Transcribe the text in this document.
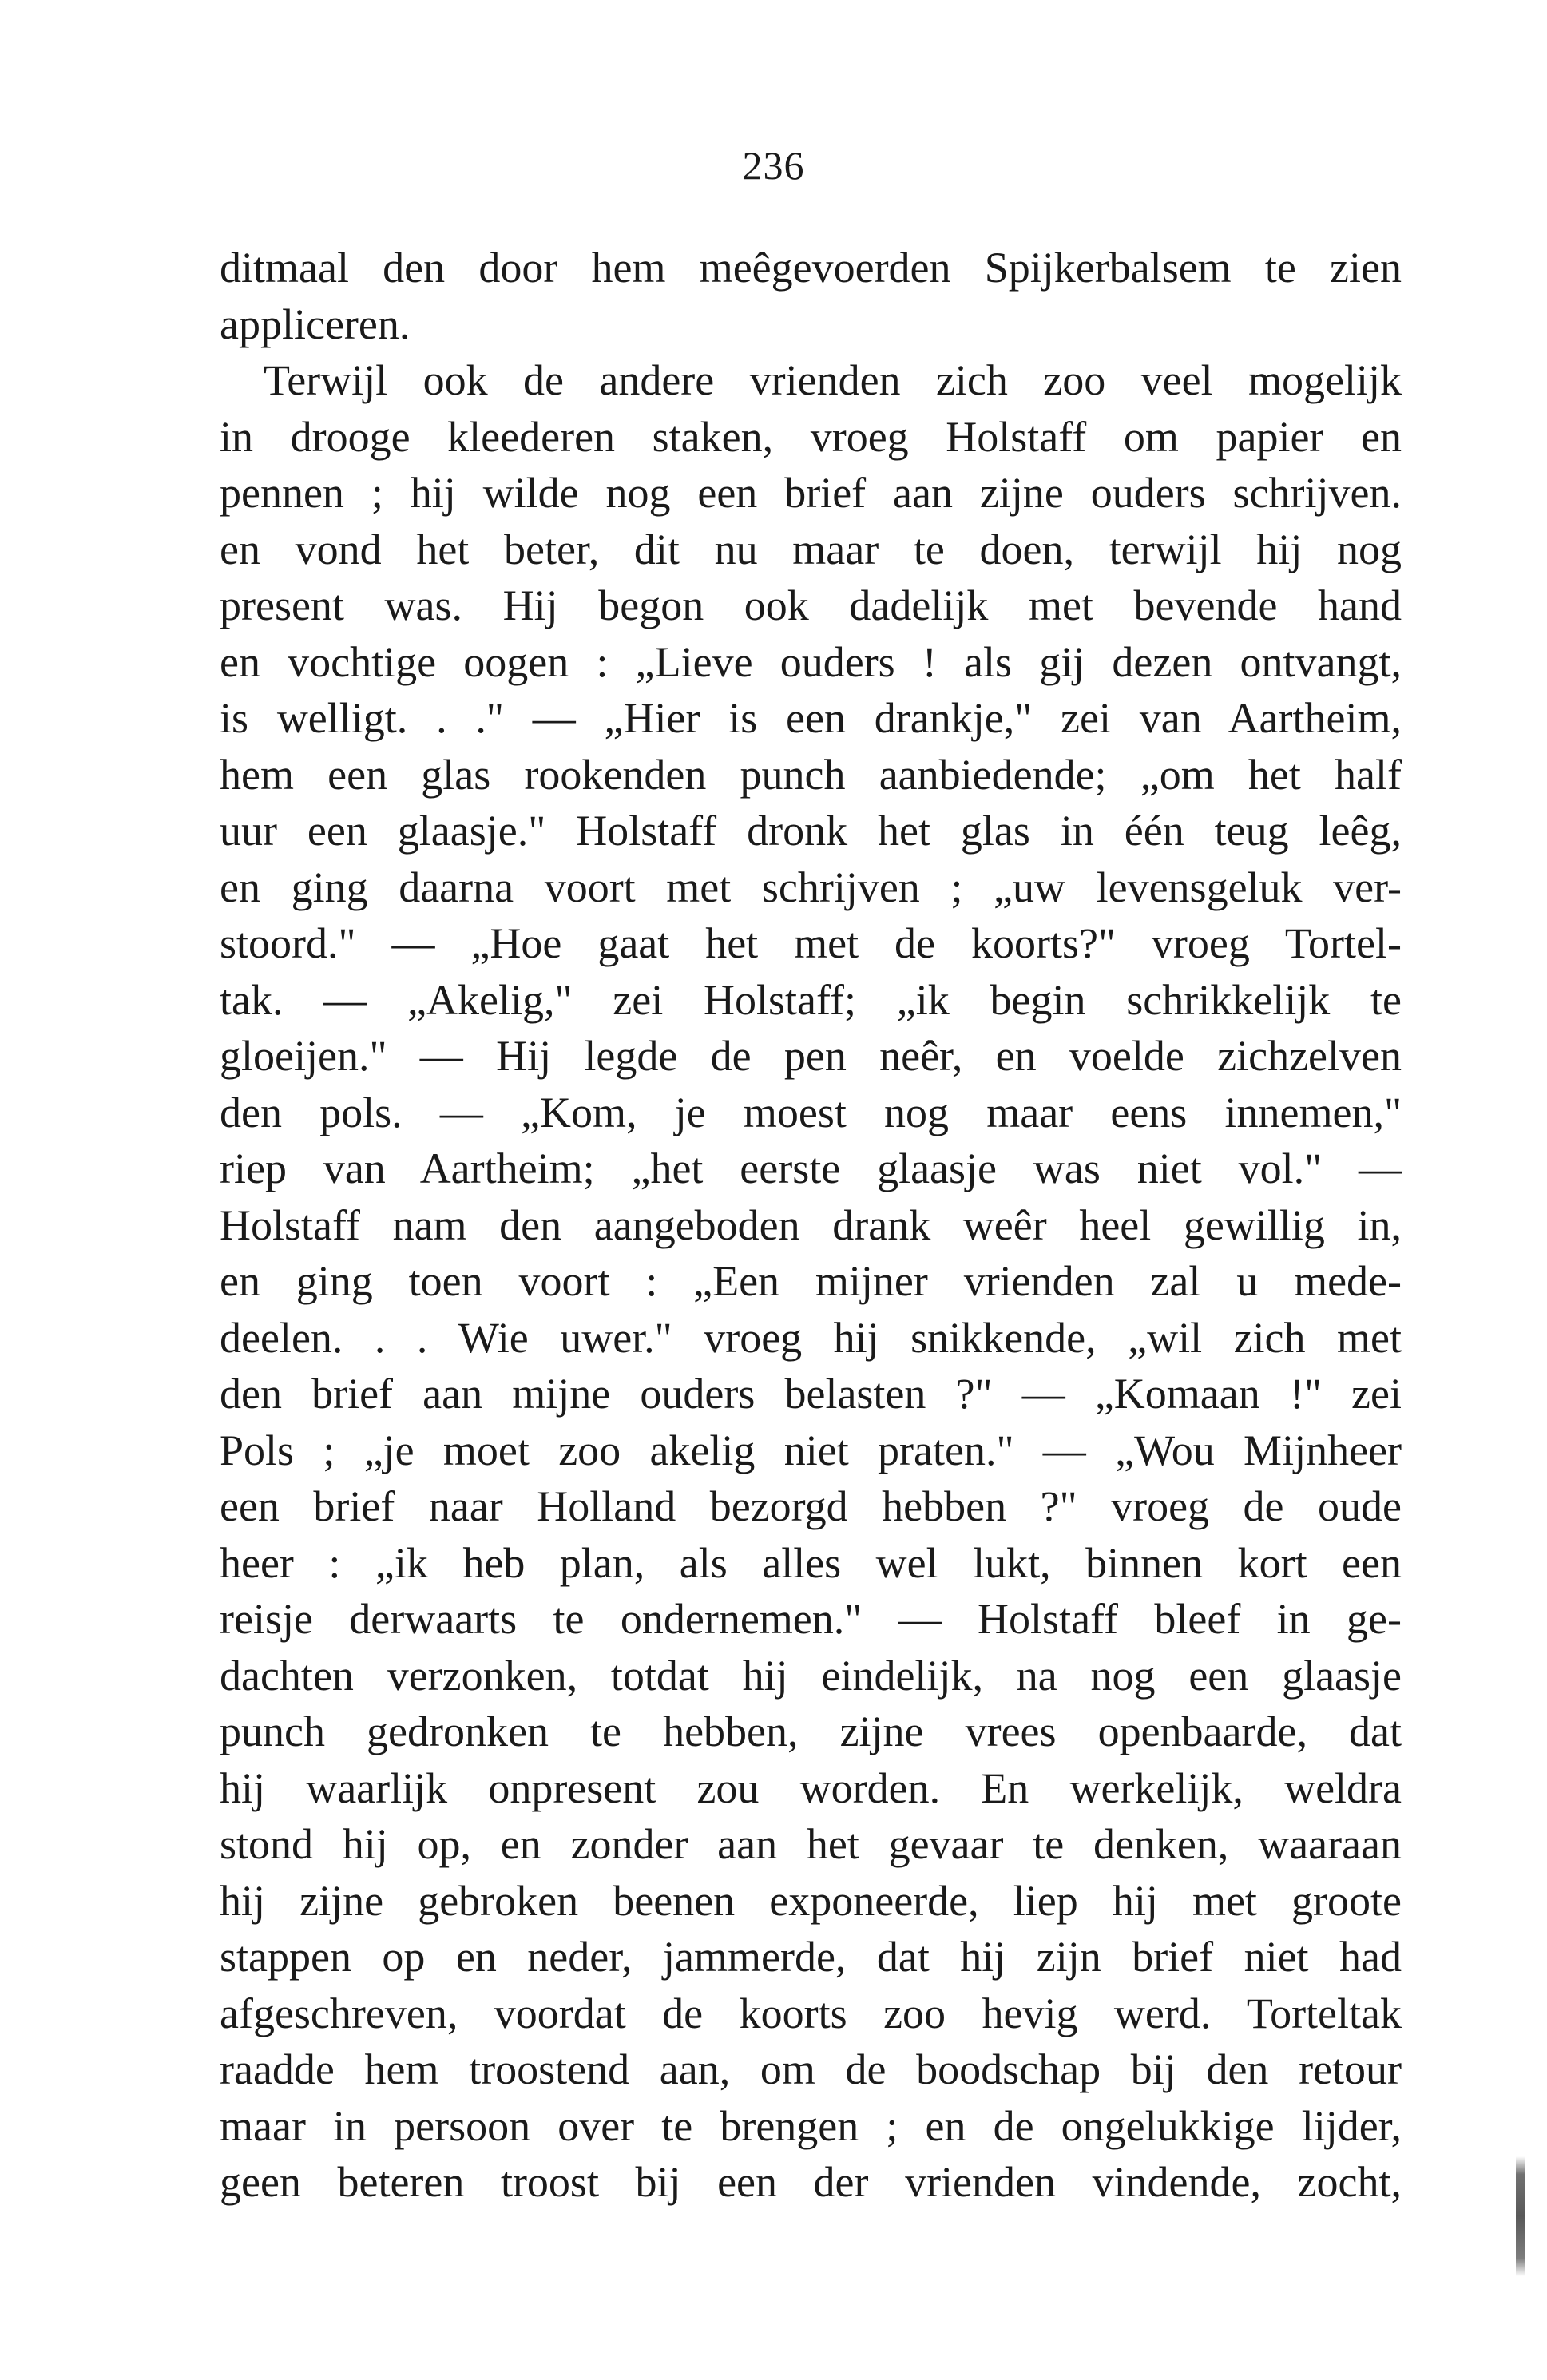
236
ditmaal den door hem meêgevoerden Spijkerbalsem te zien
appliceren.
Terwijl ook de andere vrienden zich zoo veel mogelijk
in drooge kleederen staken, vroeg Holstaff om papier en
pennen ; hij wilde nog een brief aan zijne ouders schrijven.
en vond het beter, dit nu maar te doen, terwijl hij nog
present was. Hij begon ook dadelijk met bevende hand
en vochtige oogen : „Lieve ouders ! als gij dezen ontvangt,
is welligt. . ." — „Hier is een drankje," zei van Aartheim,
hem een glas rookenden punch aanbiedende; „om het half
uur een glaasje." Holstaff dronk het glas in één teug leêg,
en ging daarna voort met schrijven ; „uw levensgeluk ver-
stoord." — „Hoe gaat het met de koorts?" vroeg Tortel-
tak. — „Akelig," zei Holstaff; „ik begin schrikkelijk te
gloeijen." — Hij legde de pen neêr, en voelde zichzelven
den pols. — „Kom, je moest nog maar eens innemen,"
riep van Aartheim; „het eerste glaasje was niet vol." —
Holstaff nam den aangeboden drank weêr heel gewillig in,
en ging toen voort : „Een mijner vrienden zal u mede-
deelen. . . Wie uwer." vroeg hij snikkende, „wil zich met
den brief aan mijne ouders belasten ?" — „Komaan !" zei
Pols ; „je moet zoo akelig niet praten." — „Wou Mijnheer
een brief naar Holland bezorgd hebben ?" vroeg de oude
heer : „ik heb plan, als alles wel lukt, binnen kort een
reisje derwaarts te ondernemen." — Holstaff bleef in ge-
dachten verzonken, totdat hij eindelijk, na nog een glaasje
punch gedronken te hebben, zijne vrees openbaarde, dat
hij waarlijk onpresent zou worden. En werkelijk, weldra
stond hij op, en zonder aan het gevaar te denken, waaraan
hij zijne gebroken beenen exponeerde, liep hij met groote
stappen op en neder, jammerde, dat hij zijn brief niet had
afgeschreven, voordat de koorts zoo hevig werd. Torteltak
raadde hem troostend aan, om de boodschap bij den retour
maar in persoon over te brengen ; en de ongelukkige lijder,
geen beteren troost bij een der vrienden vindende, zocht,
